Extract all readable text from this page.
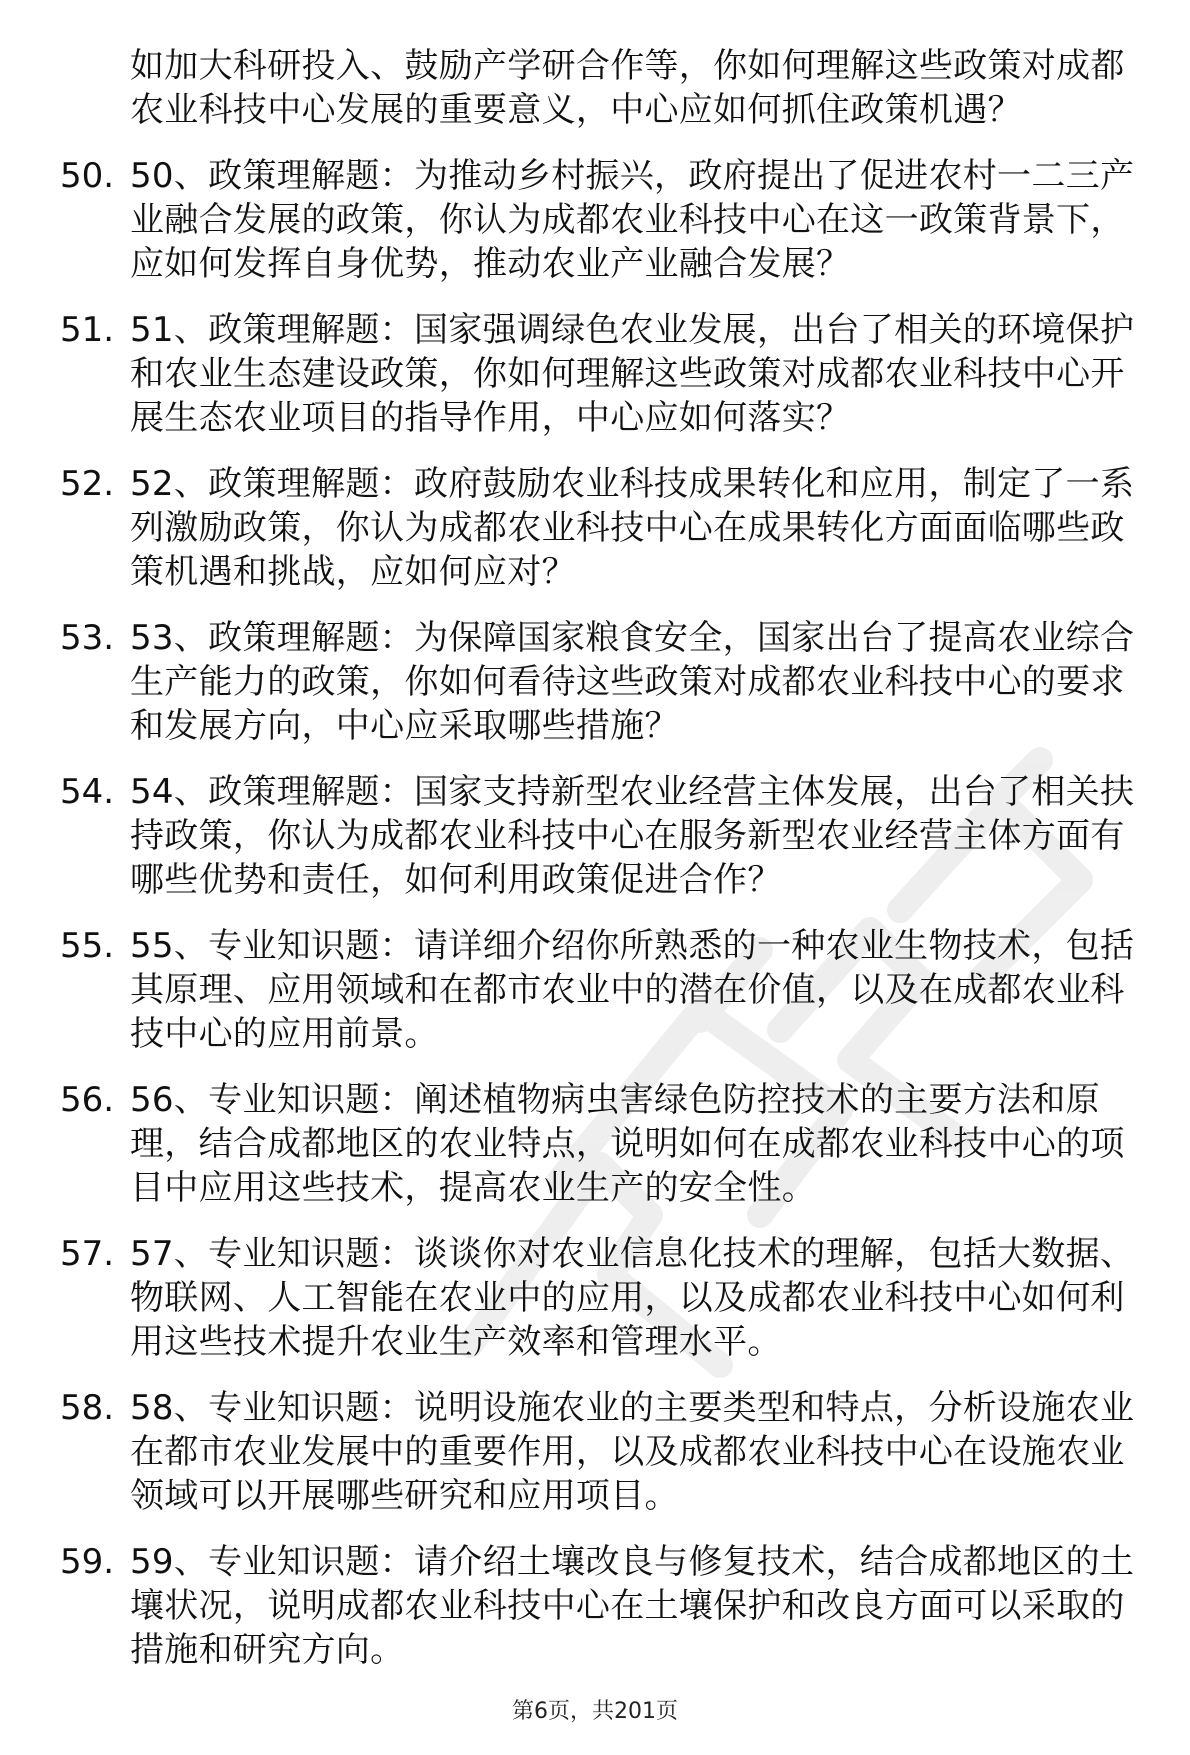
如加大科研投入、鼓励产学研合作等，你如何理解这些政策对成都农业科技中心发展的重要意义，中心应如何抓住政策机遇？
50. 50、政策理解题：为推动乡村振兴，政府提出了促进农村一二三产业融合发展的政策，你认为成都农业科技中心在这一政策背景下，应如何发挥自身优势，推动农业产业融合发展？
51. 51、政策理解题：国家强调绿色农业发展，出台了相关的环境保护和农业生态建设政策，你如何理解这些政策对成都农业科技中心开展生态农业项目的指导作用，中心应如何落实？
52. 52、政策理解题：政府鼓励农业科技成果转化和应用，制定了一系列激励政策，你认为成都农业科技中心在成果转化方面面临哪些政策机遇和挑战，应如何应对？
53. 53、政策理解题：为保障国家粮食安全，国家出台了提高农业综合生产能力的政策，你如何看待这些政策对成都农业科技中心的要求和发展方向，中心应采取哪些措施？
54. 54、政策理解题：国家支持新型农业经营主体发展，出台了相关扶持政策，你认为成都农业科技中心在服务新型农业经营主体方面有哪些优势和责任，如何利用政策促进合作？
55. 55、专业知识题：请详细介绍你所熟悉的一种农业生物技术，包括其原理、应用领域和在都市农业中的潜在价值，以及在成都农业科技中心的应用前景。
56. 56、专业知识题：阐述植物病虫害绿色防控技术的主要方法和原理，结合成都地区的农业特点，说明如何在成都农业科技中心的项目中应用这些技术，提高农业生产的安全性。
57. 57、专业知识题：谈谈你对农业信息化技术的理解，包括大数据、物联网、人工智能在农业中的应用，以及成都农业科技中心如何利用这些技术提升农业生产效率和管理水平。
58. 58、专业知识题：说明设施农业的主要类型和特点，分析设施农业在都市农业发展中的重要作用，以及成都农业科技中心在设施农业领域可以开展哪些研究和应用项目。
59. 59、专业知识题：请介绍土壤改良与修复技术，结合成都地区的土壤状况，说明成都农业科技中心在土壤保护和改良方面可以采取的措施和研究方向。
第6页，共201页
